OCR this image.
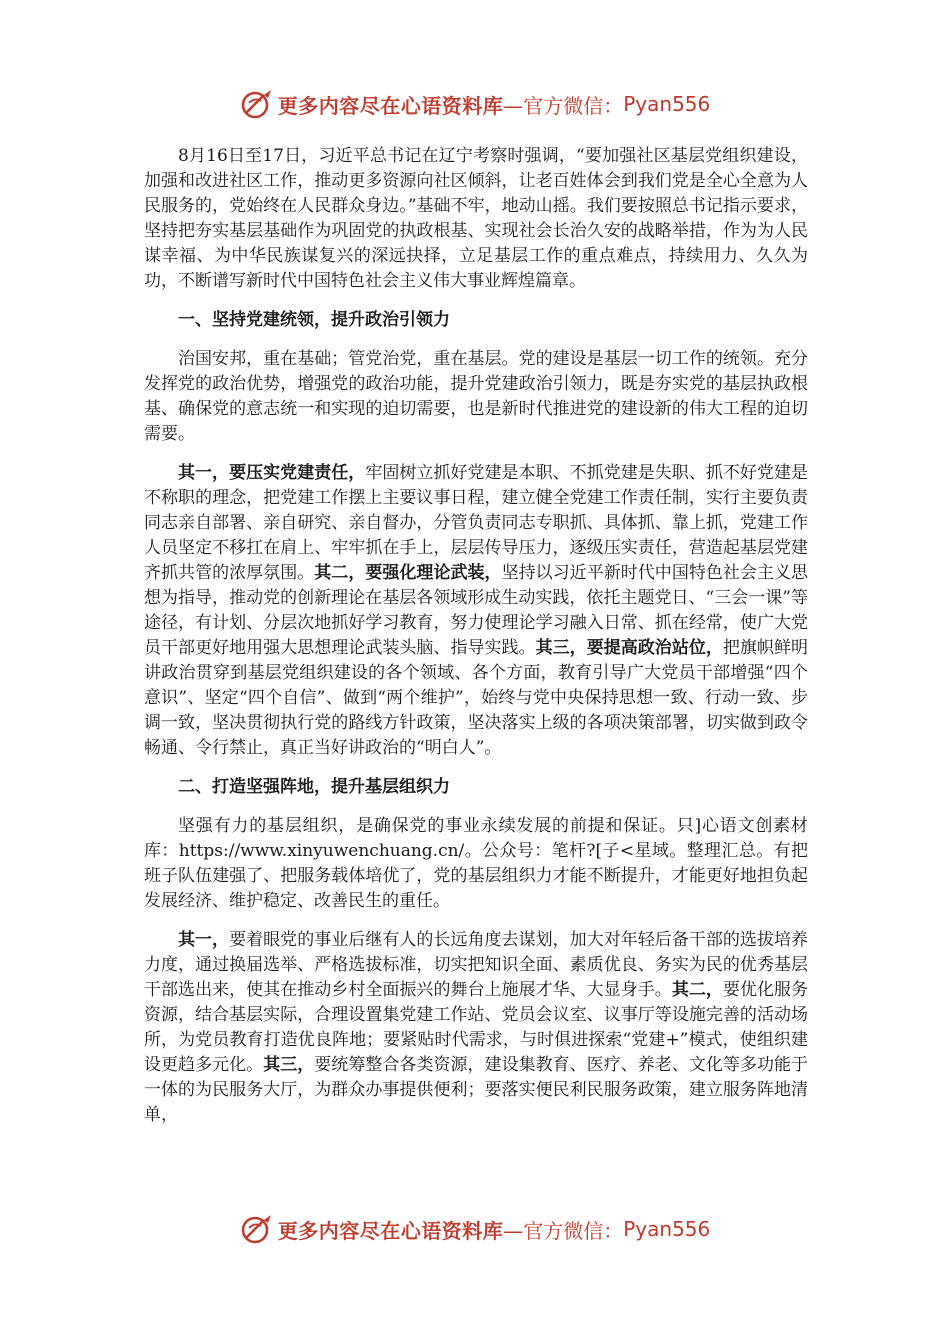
更多内容尽在心语资料库 —官方微信： Pyan556

8月16日至17日，习近平总书记在辽宁考察时强调，“要加强社区基层党组织建设，加强和改进社区工作，推动更多资源向社区倾斜，让老百姓体会到我们党是全心全意为人民服务的，党始终在人民群众身边。”基础不牢，地动山摇。我们要按照总书记指示要求，坚持把夯实基层基础作为巩固党的执政根基、实现社会长治久安的战略举措，作为为人民谋幸福、为中华民族谋复兴的深远抉择，立足基层工作的重点难点，持续用力、久久为功，不断谱写新时代中国特色社会主义伟大事业辉煌篇章。

一、坚持党建统领，提升政治引领力

治国安邦，重在基础；管党治党，重在基层。党的建设是基层一切工作的统领。充分发挥党的政治优势，增强党的政治功能，提升党建政治引领力，既是夯实党的基层执政根基、确保党的意志统一和实现的迫切需要，也是新时代推进党的建设新的伟大工程的迫切需要。

其一，要压实党建责任，牢固树立抓好党建是本职、不抓党建是失职、抓不好党建是不称职的理念，把党建工作摆上主要议事日程，建立健全党建工作责任制，实行主要负责同志亲自部署、亲自研究、亲自督办，分管负责同志专职抓、具体抓、靠上抓，党建工作人员坚定不移扛在肩上、牢牢抓在手上，层层传导压力，逐级压实责任，营造起基层党建齐抓共管的浓厚氛围。其二，要强化理论武装，坚持以习近平新时代中国特色社会主义思想为指导，推动党的创新理论在基层各领域形成生动实践，依托主题党日、“三会一课”等途径，有计划、分层次地抓好学习教育，努力使理论学习融入日常、抓在经常，使广大党员干部更好地用强大思想理论武装头脑、指导实践。其三，要提高政治站位，把旗帜鲜明讲政治贯穿到基层党组织建设的各个领域、各个方面，教育引导广大党员干部增强“四个意识”、坚定“四个自信”、做到“两个维护”，始终与党中央保持思想一致、行动一致、步调一致，坚决贯彻执行党的路线方针政策，坚决落实上级的各项决策部署，切实做到政令畅通、令行禁止，真正当好讲政治的“明白人”。

二、打造坚强阵地，提升基层组织力

坚强有力的基层组织，是确保党的事业永续发展的前提和保证。只]心语文创素材库：https://www.xinyuwenchuang.cn/。公众号：笔杆?[子<星域。整理汇总。有把班子队伍建强了、把服务载体培优了，党的基层组织力才能不断提升，才能更好地担负起发展经济、维护稳定、改善民生的重任。

其一，要着眼党的事业后继有人的长远角度去谋划，加大对年轻后备干部的选拔培养力度，通过换届选举、严格选拔标准，切实把知识全面、素质优良、务实为民的优秀基层干部选出来，使其在推动乡村全面振兴的舞台上施展才华、大显身手。其二，要优化服务资源，结合基层实际，合理设置集党建工作站、党员会议室、议事厅等设施完善的活动场所，为党员教育打造优良阵地；要紧贴时代需求，与时俱进探索“党建+”模式，使组织建设更趋多元化。其三，要统筹整合各类资源，建设集教育、医疗、养老、文化等多功能于一体的为民服务大厅，为群众办事提供便利；要落实便民利民服务政策，建立服务阵地清单，

更多内容尽在心语资料库 —官方微信： Pyan556
